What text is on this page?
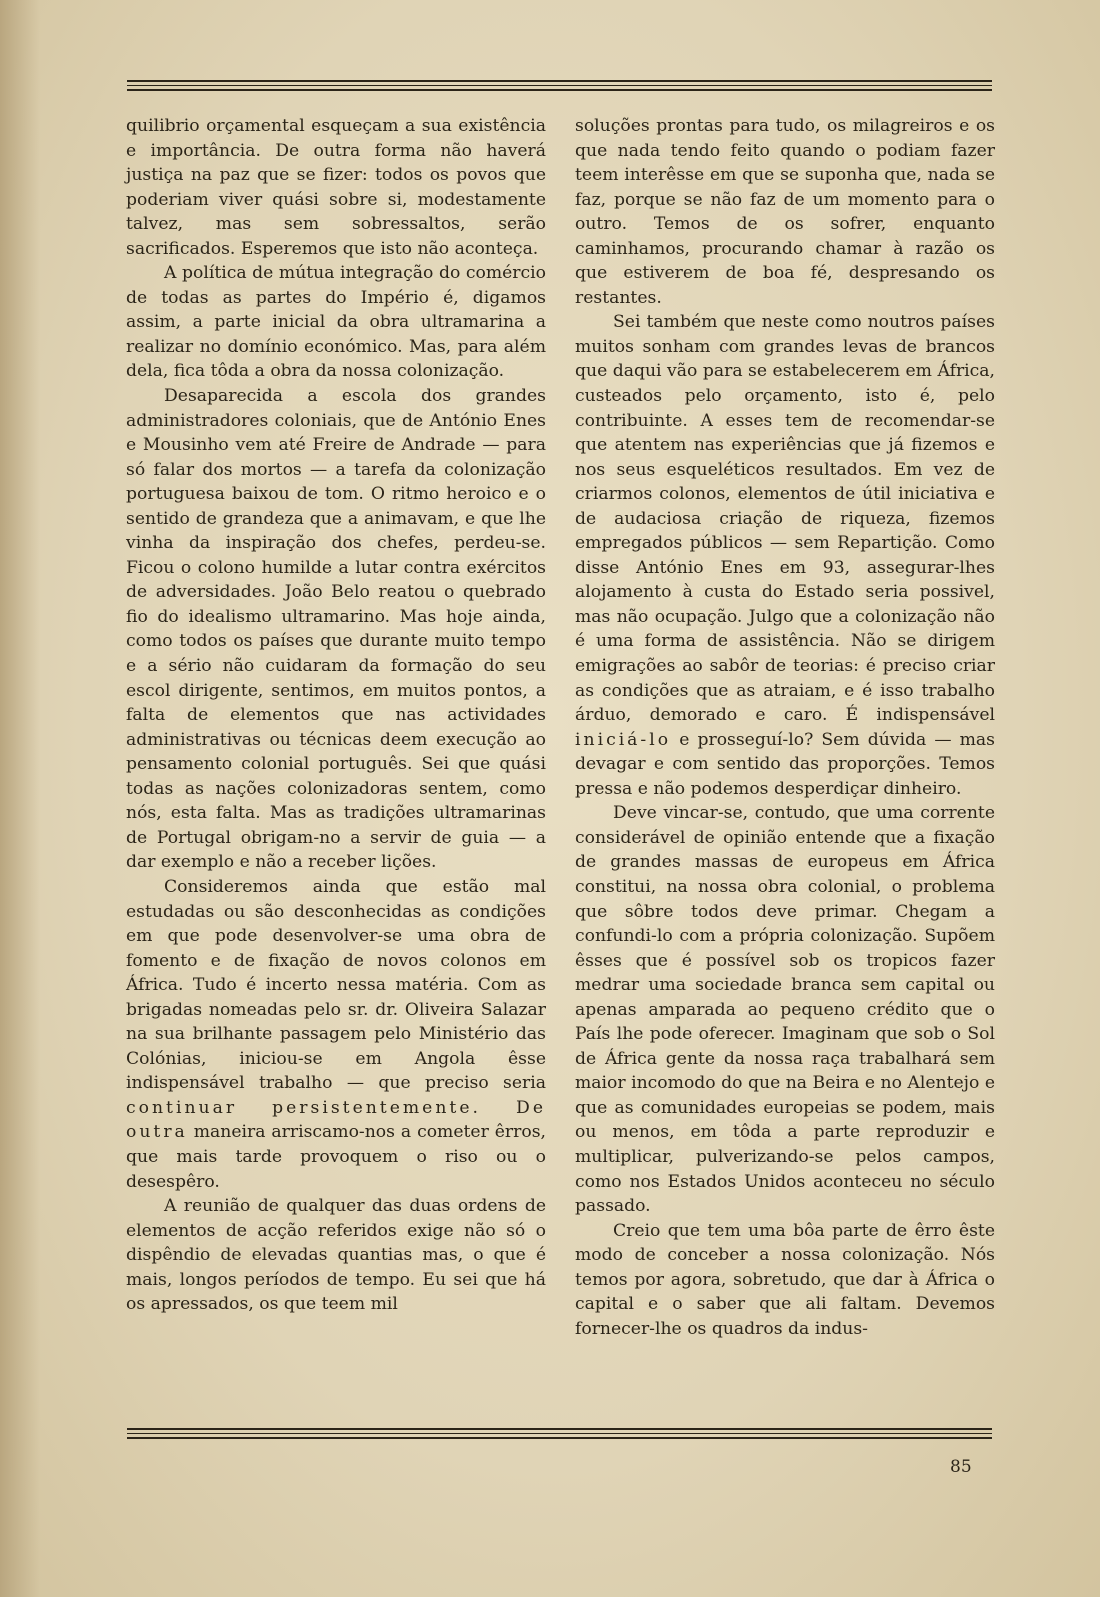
quilibrio orçamental esqueçam a sua existência e importância. De outra forma não haverá justiça na paz que se fizer: todos os povos que poderiam viver quási sobre si, modestamente talvez, mas sem sobressaltos, serão sacrificados. Esperemos que isto não aconteça.

A política de mútua integração do comércio de todas as partes do Império é, digamos assim, a parte inicial da obra ultramarina a realizar no domínio económico. Mas, para além dela, fica tôda a obra da nossa colonização.

Desaparecida a escola dos grandes administradores coloniais, que de António Enes e Mousinho vem até Freire de Andrade — para só falar dos mortos — a tarefa da colonização portuguesa baixou de tom. O ritmo heroico e o sentido de grandeza que a animavam, e que lhe vinha da inspiração dos chefes, perdeu-se. Ficou o colono humilde a lutar contra exércitos de adversidades. João Belo reatou o quebrado fio do idealismo ultramarino. Mas hoje ainda, como todos os países que durante muito tempo e a sério não cuidaram da formação do seu escol dirigente, sentimos, em muitos pontos, a falta de elementos que nas actividades administrativas ou técnicas deem execução ao pensamento colonial português. Sei que quási todas as nações colonizadoras sentem, como nós, esta falta. Mas as tradições ultramarinas de Portugal obrigam-no a servir de guia — a dar exemplo e não a receber lições.

Consideremos ainda que estão mal estudadas ou são desconhecidas as condições em que pode desenvolver-se uma obra de fomento e de fixação de novos colonos em África. Tudo é incerto nessa matéria. Com as brigadas nomeadas pelo sr. dr. Oliveira Salazar na sua brilhante passagem pelo Ministério das Colónias, iniciou-se em Angola êsse indispensável trabalho — que preciso seria continuar persistentemente. De outra maneira arriscamo-nos a cometer êrros, que mais tarde provoquem o riso ou o desespêro.

A reunião de qualquer das duas ordens de elementos de acção referidos exige não só o dispêndio de elevadas quantias mas, o que é mais, longos períodos de tempo. Eu sei que há os apressados, os que teem mil

soluções prontas para tudo, os milagreiros e os que nada tendo feito quando o podiam fazer teem interêsse em que se suponha que, nada se faz, porque se não faz de um momento para o outro. Temos de os sofrer, enquanto caminhamos, procurando chamar à razão os que estiverem de boa fé, despresando os restantes.

Sei também que neste como noutros países muitos sonham com grandes levas de brancos que daqui vão para se estabelecerem em África, custeados pelo orçamento, isto é, pelo contribuinte. A esses tem de recomendar-se que atentem nas experiências que já fizemos e nos seus esqueléticos resultados. Em vez de criarmos colonos, elementos de útil iniciativa e de audaciosa criação de riqueza, fizemos empregados públicos — sem Repartição. Como disse António Enes em 93, assegurar-lhes alojamento à custa do Estado seria possivel, mas não ocupação. Julgo que a colonização não é uma forma de assistência. Não se dirigem emigrações ao sabôr de teorias: é preciso criar as condições que as atraiam, e é isso trabalho árduo, demorado e caro. É indispensável iniciá-lo e prosseguí-lo? Sem dúvida — mas devagar e com sentido das proporções. Temos pressa e não podemos desperdiçar dinheiro.

Deve vincar-se, contudo, que uma corrente considerável de opinião entende que a fixação de grandes massas de europeus em África constitui, na nossa obra colonial, o problema que sôbre todos deve primar. Chegam a confundi-lo com a própria colonização. Supõem êsses que é possível sob os tropicos fazer medrar uma sociedade branca sem capital ou apenas amparada ao pequeno crédito que o País lhe pode oferecer. Imaginam que sob o Sol de África gente da nossa raça trabalhará sem maior incomodo do que na Beira e no Alentejo e que as comunidades europeias se podem, mais ou menos, em tôda a parte reproduzir e multiplicar, pulverizando-se pelos campos, como nos Estados Unidos aconteceu no século passado.

Creio que tem uma bôa parte de êrro êste modo de conceber a nossa colonização. Nós temos por agora, sobretudo, que dar à África o capital e o saber que ali faltam. Devemos fornecer-lhe os quadros da indus-

85
